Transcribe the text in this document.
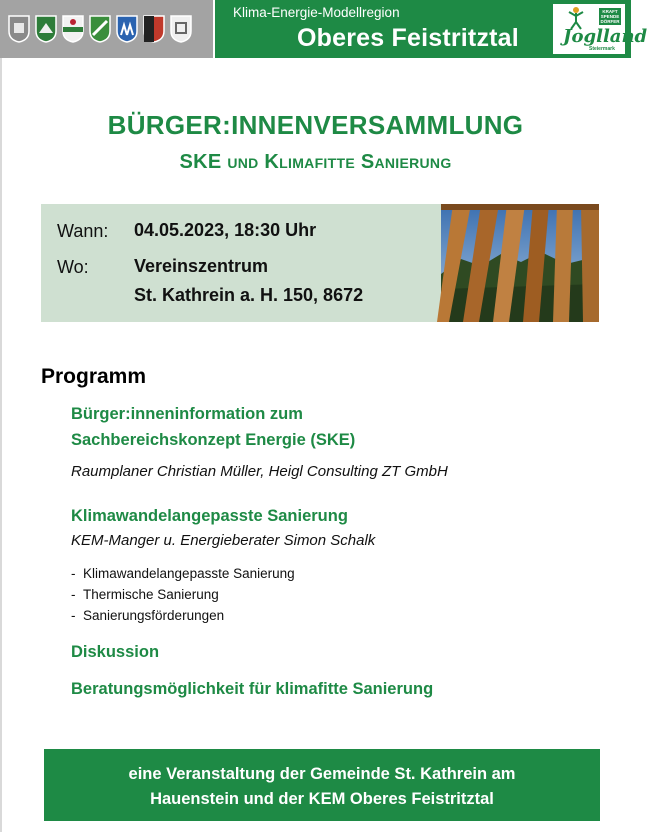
Klima-Energie-Modellregion
Oberes Feistritztal
KRAFT
SPENDE
DÖRFER
Joglland
Steiermark
BÜRGER:INNENVERSAMMLUNG
SKE und Klimafitte Sanierung
Wann: 04.05.2023, 18:30 Uhr
Wo:	Vereinszentrum
St. Kathrein a. H. 150, 8672
Programm
Bürger:inneninformation zum
Sachbereichskonzept Energie (SKE)
Raumplaner Christian Müller, Heigl Consulting ZT GmbH
Klimawandelangepasste Sanierung
KEM-Manger u. Energieberater Simon Schalk
-  Klimawandelangepasste Sanierung
-  Thermische Sanierung
-  Sanierungsförderungen
Diskussion
Beratungsmöglichkeit für klimafitte Sanierung
eine Veranstaltung der Gemeinde St. Kathrein am
Hauenstein und der KEM Oberes Feistritztal
